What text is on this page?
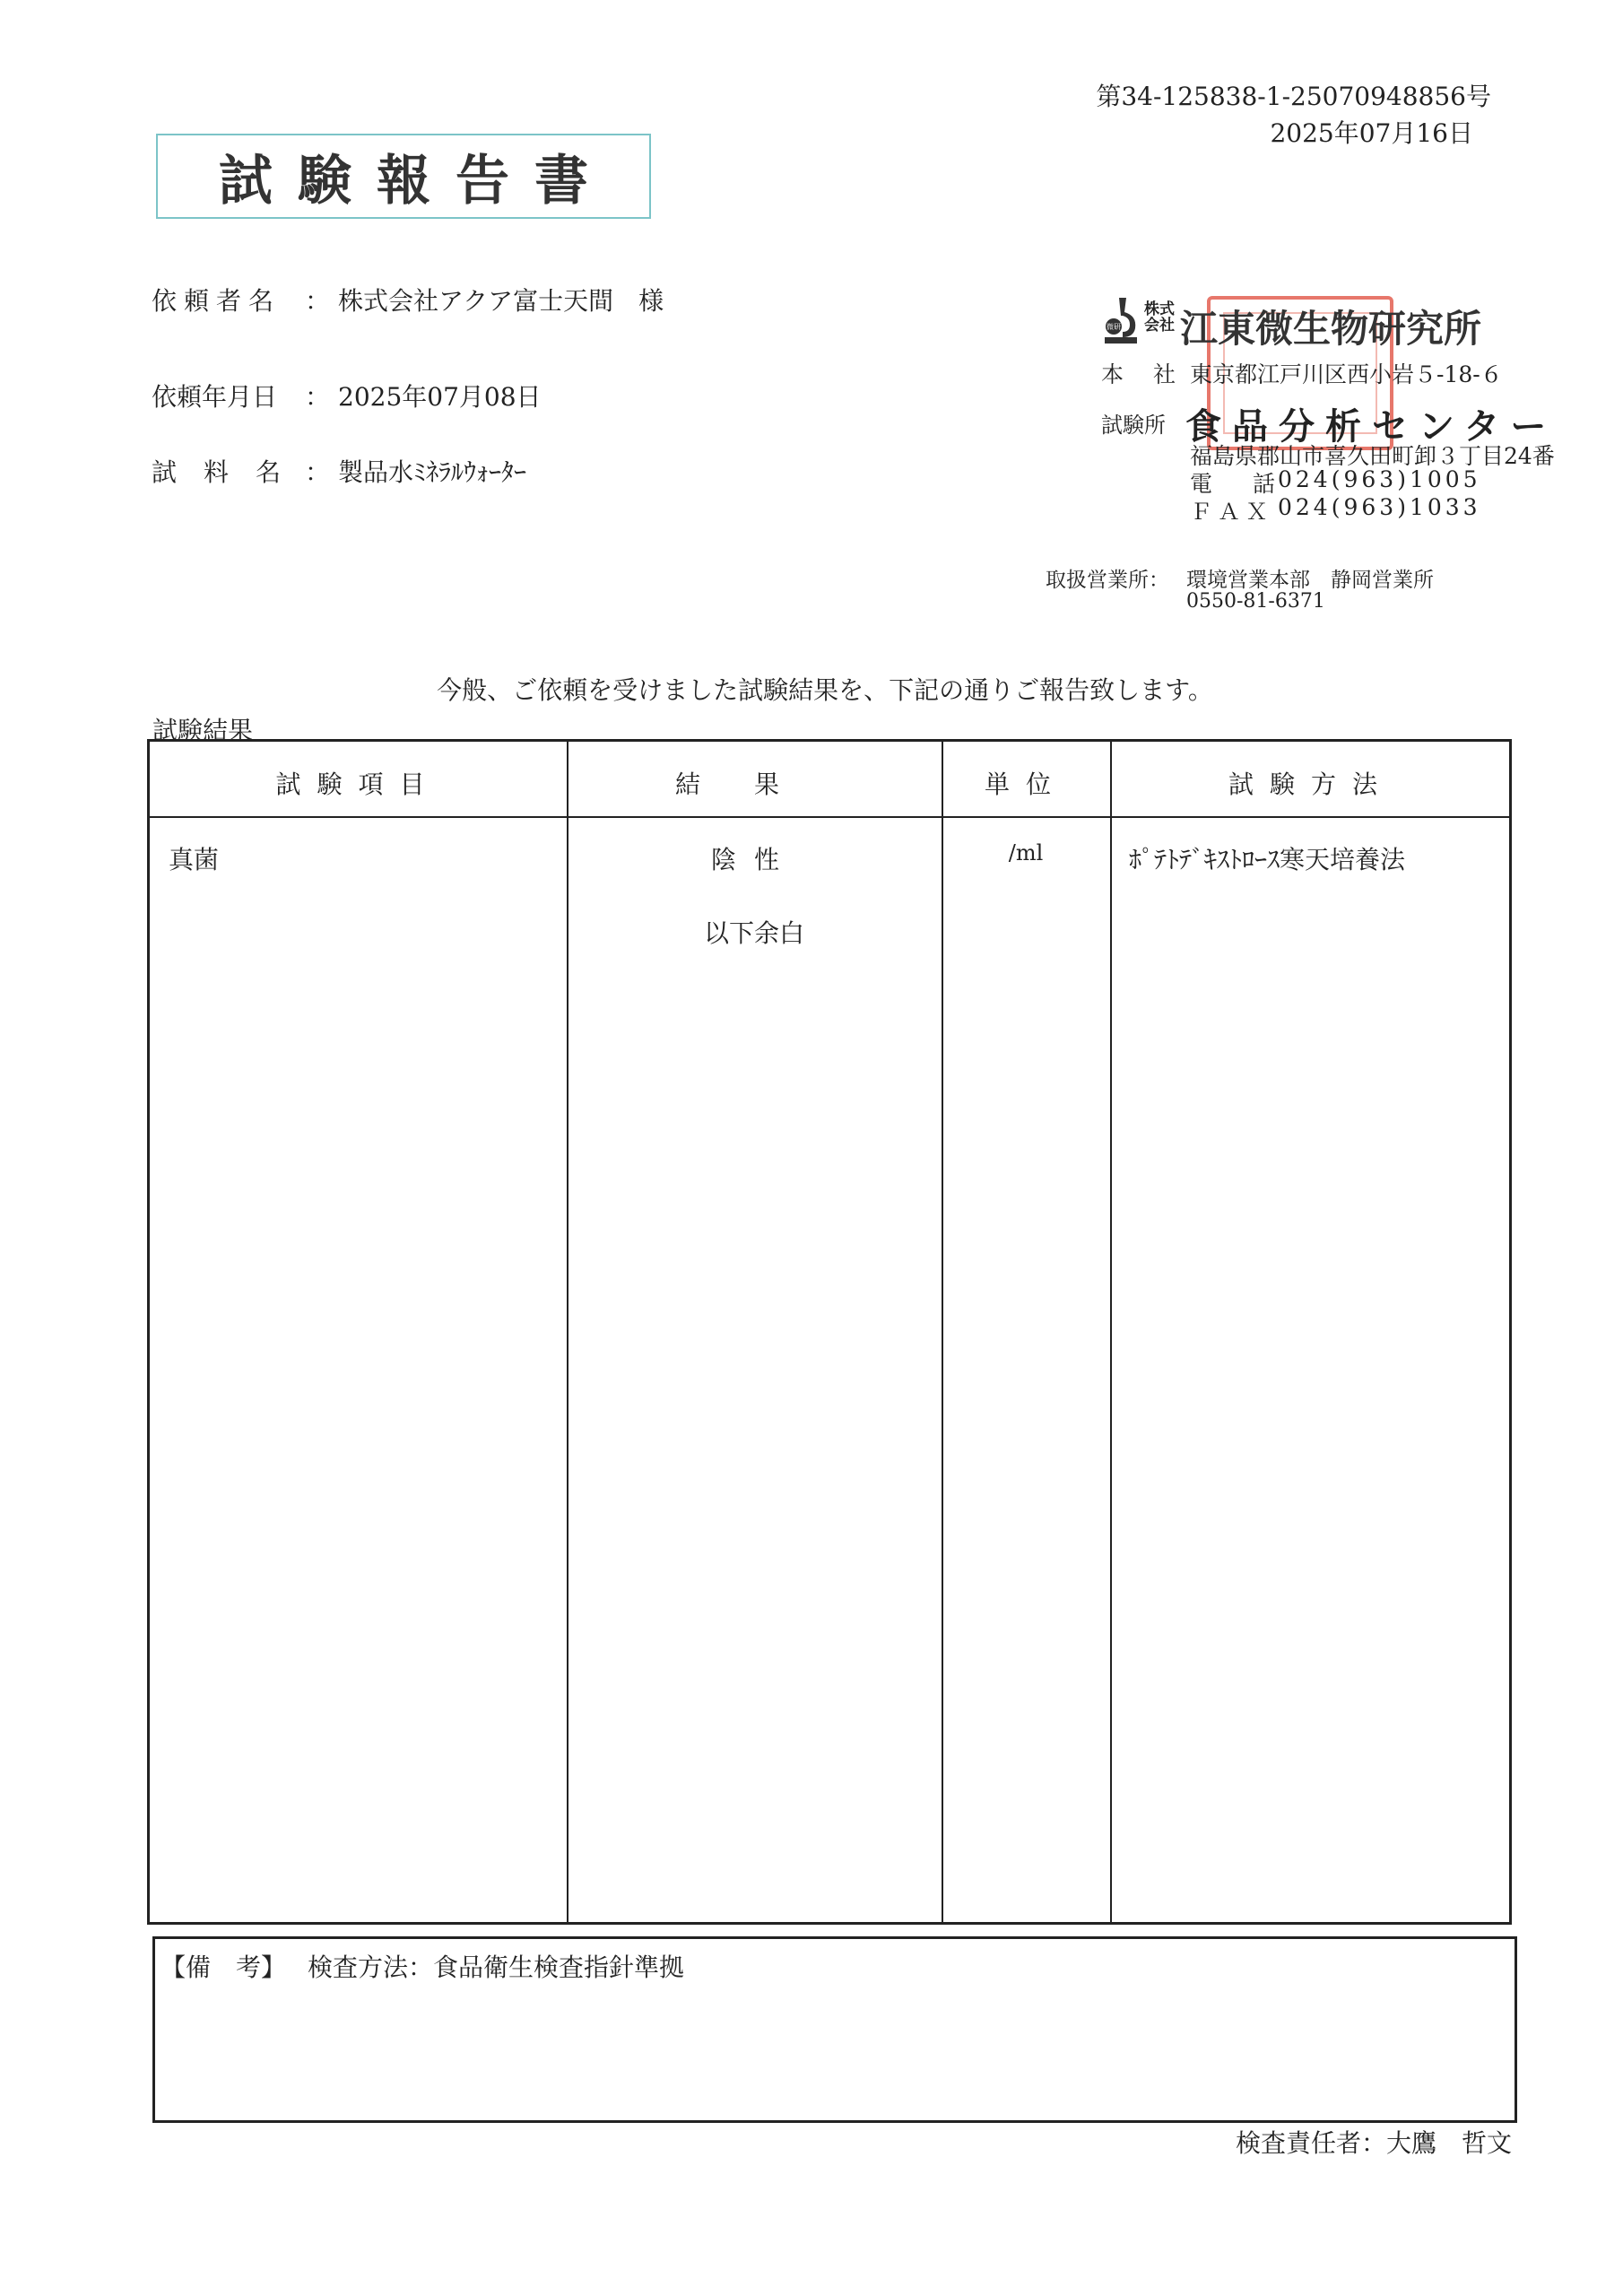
第34-125838-1-25070948856号
2025年07月16日
試験報告書
依頼者名 ： 株式会社アクア富士天間　様
依頼年月日 ： 2025年07月08日
試料名
： 製品水ﾐﾈﾗﾙｳｫｰﾀｰ
微研
株式
会社 江東微生物研究所
本　社 東京都江戸川区西小岩５-18-６
試験所 食品分析センター
福島県郡山市喜久田町卸３丁目24番
電　話
024(963)1005
ＦＡＸ 024(963)1033
取扱営業所： 環境営業本部　静岡営業所
0550-81-6371
今般、ご依頼を受けました試験結果を、下記の通りご報告致します。
試験結果
試験項目	結果	単位	試験方法
真菌	陰性	/ml	ﾎﾟﾃﾄﾃﾞｷｽﾄﾛｰｽ寒天培養法
以下余白
【備　考】 検査方法：食品衛生検査指針準拠
検査責任者：大鷹　哲文
